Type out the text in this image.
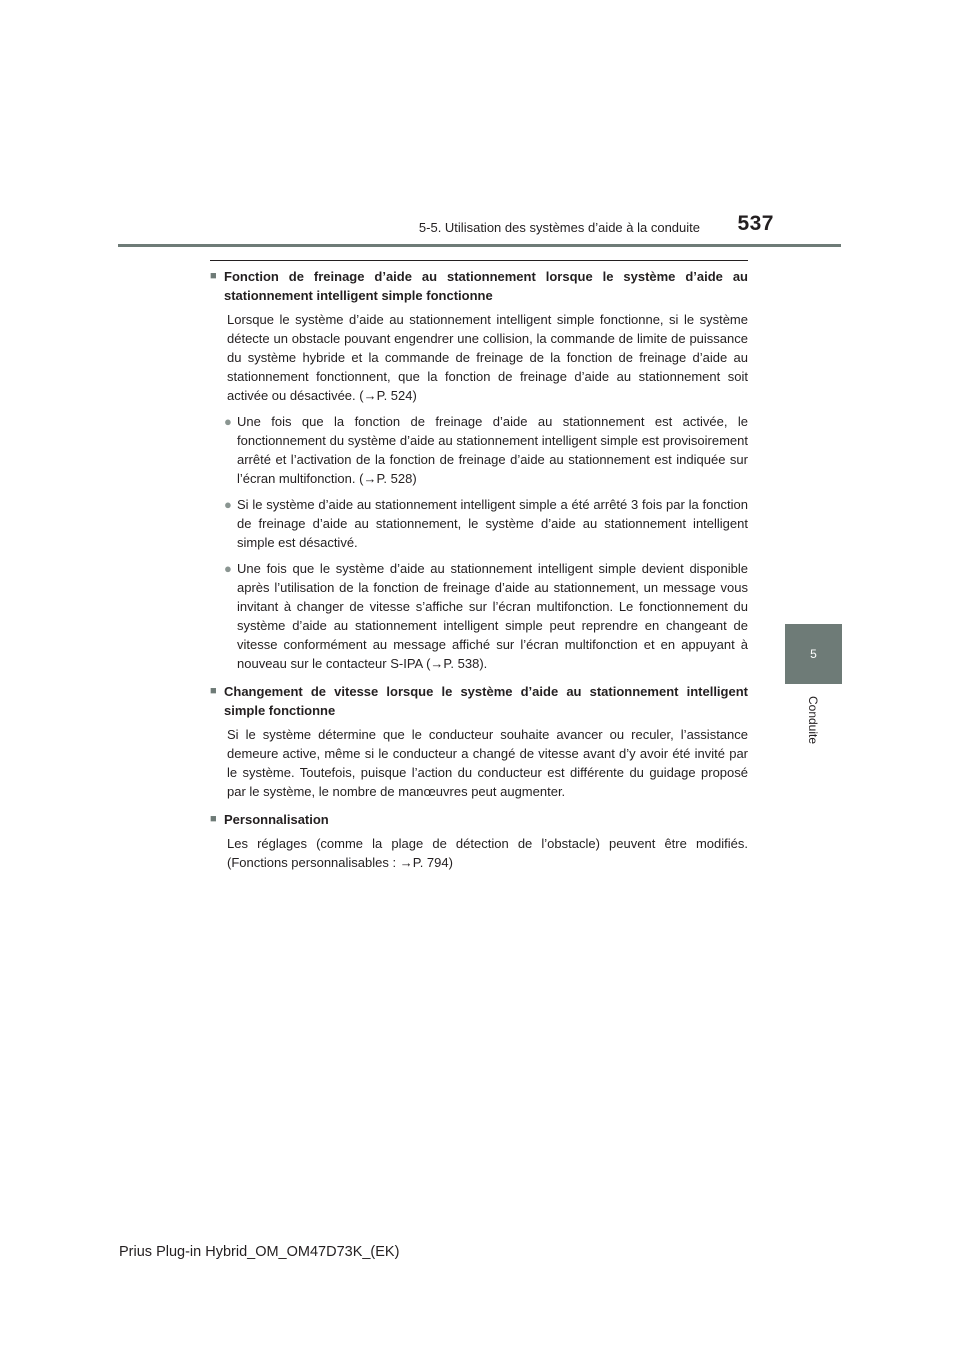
5-5. Utilisation des systèmes d’aide à la conduite	537
5
Conduite
■ Fonction de freinage d’aide au stationnement lorsque le système d’aide au stationnement intelligent simple fonctionne
Lorsque le système d’aide au stationnement intelligent simple fonctionne, si le système détecte un obstacle pouvant engendrer une collision, la commande de limite de puissance du système hybride et la commande de freinage de la fonction de freinage d’aide au stationnement fonctionnent, que la fonction de freinage d’aide au stationnement soit activée ou désactivée. (→P. 524)
● Une fois que la fonction de freinage d’aide au stationnement est activée, le fonctionnement du système d’aide au stationnement intelligent simple est provisoirement arrêté et l’activation de la fonction de freinage d’aide au stationnement est indiquée sur l’écran multifonction. (→P. 528)
● Si le système d’aide au stationnement intelligent simple a été arrêté 3 fois par la fonction de freinage d’aide au stationnement, le système d’aide au stationnement intelligent simple est désactivé.
● Une fois que le système d’aide au stationnement intelligent simple devient disponible après l’utilisation de la fonction de freinage d’aide au stationnement, un message vous invitant à changer de vitesse s’affiche sur l’écran multifonction. Le fonctionnement du système d’aide au stationnement intelligent simple peut reprendre en changeant de vitesse conformément au message affiché sur l’écran multifonction et en appuyant à nouveau sur le contacteur S-IPA (→P. 538).
■ Changement de vitesse lorsque le système d’aide au stationnement intelligent simple fonctionne
Si le système détermine que le conducteur souhaite avancer ou reculer, l’assistance demeure active, même si le conducteur a changé de vitesse avant d’y avoir été invité par le système. Toutefois, puisque l’action du conducteur est différente du guidage proposé par le système, le nombre de manœuvres peut augmenter.
■ Personnalisation
Les réglages (comme la plage de détection de l’obstacle) peuvent être modifiés. (Fonctions personnalisables : →P. 794)
Prius Plug-in Hybrid_OM_OM47D73K_(EK)
